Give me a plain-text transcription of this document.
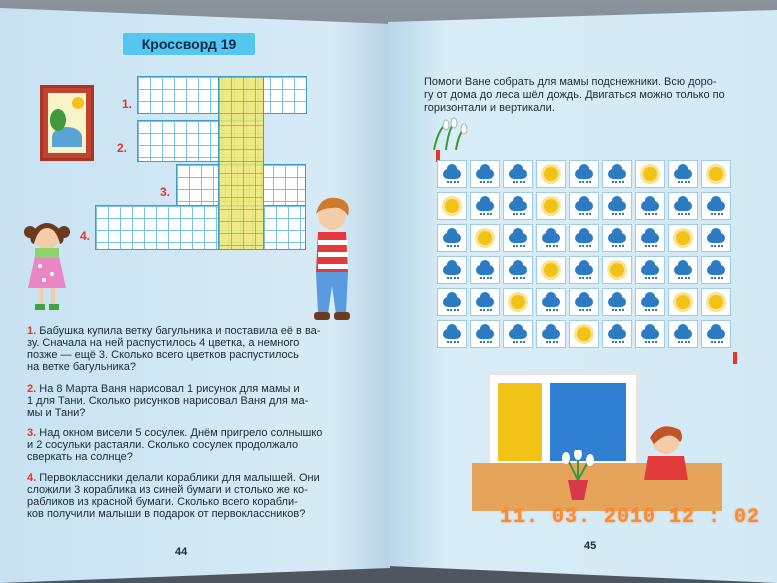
Кроссворд 19
1.
2.
3.
4.
1. Бабушка купила ветку багульника и поставила её в ва-
зу. Сначала на ней распустилось 4 цветка, а немного
позже — ещё 3. Сколько всего цветков распустилось
на ветке багульника?
2. На 8 Марта Ваня нарисовал 1 рисунок для мамы и
1 для Тани. Сколько рисунков нарисовал Ваня для ма-
мы и Тани?
3. Над окном висели 5 сосулек. Днём пригрело солнышко
и 2 сосульки растаяли. Сколько сосулек продолжало
сверкать на солнце?
4. Первоклассники делали кораблики для малышей. Они
сложили 3 кораблика из синей бумаги и столько же ко-
рабликов из красной бумаги. Сколько всего корабли-
ков получили малыши в подарок от первоклассников?
44
Помоги Ване собрать для мамы подснежники. Всю доро-
гу от дома до леса шёл дождь. Двигаться можно только по
горизонтали и вертикали.
45
11. 03. 2010 12 : 02
